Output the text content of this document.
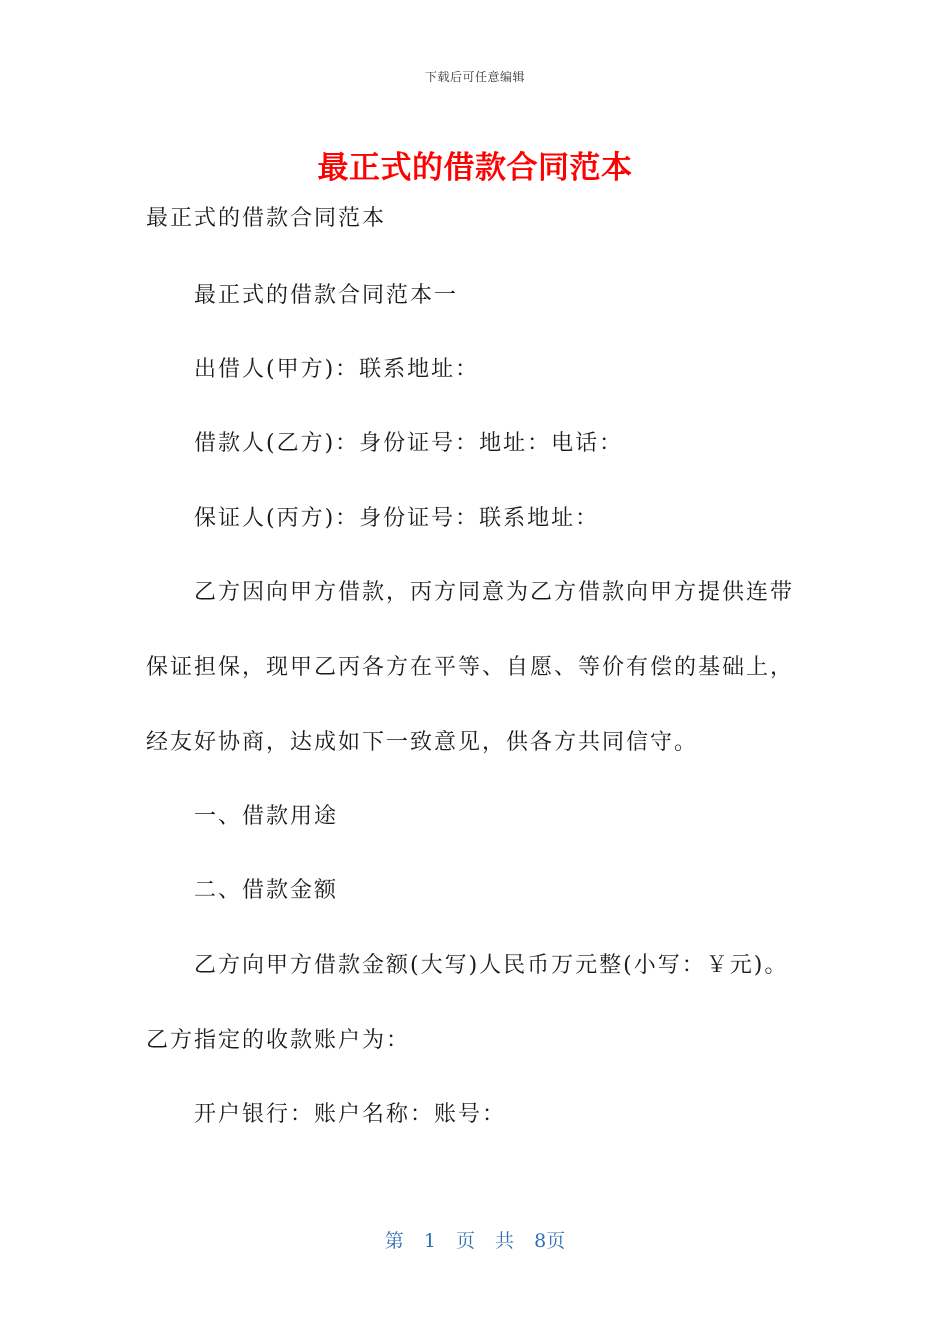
下载后可任意编辑
最正式的借款合同范本
最正式的借款合同范本
最正式的借款合同范本一
出借人(甲方)：联系地址：
借款人(乙方)：身份证号：地址：电话：
保证人(丙方)：身份证号：联系地址：
乙方因向甲方借款，丙方同意为乙方借款向甲方提供连带
保证担保，现甲乙丙各方在平等、自愿、等价有偿的基础上，
经友好协商，达成如下一致意见，供各方共同信守。
一、借款用途
二、借款金额
乙方向甲方借款金额(大写)人民币万元整(小写：￥元)。
乙方指定的收款账户为：
开户银行：账户名称：账号：
第 1 页 共 8页
